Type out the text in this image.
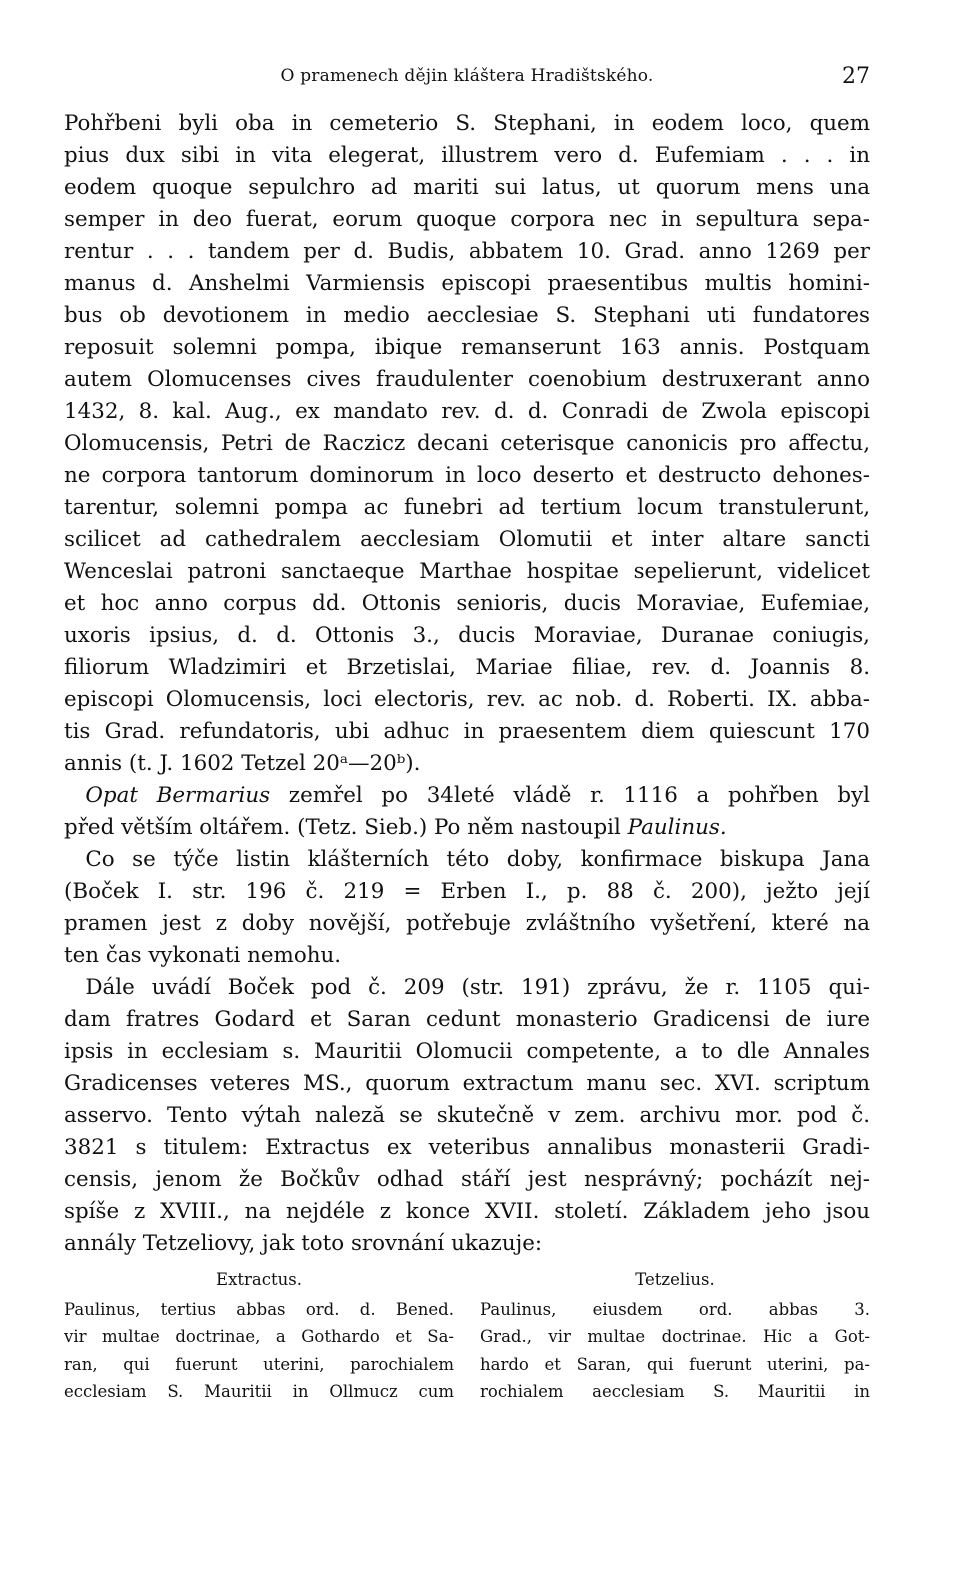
O pramenech dějin kláštera Hradištského.	27
Pohřbeni byli oba in cemeterio S. Stephani, in eodem loco, quem
pius dux sibi in vita elegerat, illustrem vero d. Eufemiam . . . in
eodem quoque sepulchro ad mariti sui latus, ut quorum mens una
semper in deo fuerat, eorum quoque corpora nec in sepultura sepa-
rentur . . . tandem per d. Budis, abbatem 10. Grad. anno 1269 per
manus d. Anshelmi Varmiensis episcopi praesentibus multis homini-
bus ob devotionem in medio aecclesiae S. Stephani uti fundatores
reposuit solemni pompa, ibique remanserunt 163 annis. Postquam
autem Olomucenses cives fraudulenter coenobium destruxerant anno
1432, 8. kal. Aug., ex mandato rev. d. d. Conradi de Zwola episcopi
Olomucensis, Petri de Raczicz decani ceterisque canonicis pro affectu,
ne corpora tantorum dominorum in loco deserto et destructo dehones-
tarentur, solemni pompa ac funebri ad tertium locum transtulerunt,
scilicet ad cathedralem aecclesiam Olomutii et inter altare sancti
Wenceslai patroni sanctaeque Marthae hospitae sepelierunt, videlicet
et hoc anno corpus dd. Ottonis senioris, ducis Moraviae, Eufemiae,
uxoris ipsius, d. d. Ottonis 3., ducis Moraviae, Duranae coniugis,
filiorum Wladzimiri et Brzetislai, Mariae filiae, rev. d. Joannis 8.
episcopi Olomucensis, loci electoris, rev. ac nob. d. Roberti. IX. abba-
tis Grad. refundatoris, ubi adhuc in praesentem diem quiescunt 170
annis (t. J. 1602 Tetzel 20ᵃ—20ᵇ).
 Opat Bermarius zemřel po 34leté vládě r. 1116 a pohřben byl
před větším oltářem. (Tetz. Sieb.) Po něm nastoupil Paulinus.
 Co se týče listin klášterních této doby, konfirmace biskupa Jana
(Boček I. str. 196 č. 219 = Erben I., p. 88 č. 200), ježto její
pramen jest z doby novější, potřebuje zvláštního vyšetření, které na
ten čas vykonati nemohu.
 Dále uvádí Boček pod č. 209 (str. 191) zprávu, že r. 1105 qui-
dam fratres Godard et Saran cedunt monasterio Gradicensi de iure
ipsis in ecclesiam s. Mauritii Olomucii competente, a to dle Annales
Gradicenses veteres MS., quorum extractum manu sec. XVI. scriptum
asservo. Tento výtah naleză se skutečně v zem. archivu mor. pod č.
3821 s titulem: Extractus ex veteribus annalibus monasterii Gradi-
censis, jenom že Bočkův odhad stáří jest nesprávný; pocházít nej-
spíše z XVIII., na nejdéle z konce XVII. století. Základem jeho jsou
annály Tetzeliovy, jak toto srovnání ukazuje:
Extractus.
Paulinus, tertius abbas ord. d. Bened.
vir multae doctrinae, a Gothardo et Sa-
ran, qui fuerunt uterini, parochialem
ecclesiam S. Mauritii in Ollmucz cum
Tetzelius.
Paulinus, eiusdem ord. abbas 3.
Grad., vir multae doctrinae. Hic a Got-
hardo et Saran, qui fuerunt uterini, pa-
rochialem aecclesiam S. Mauritii in
